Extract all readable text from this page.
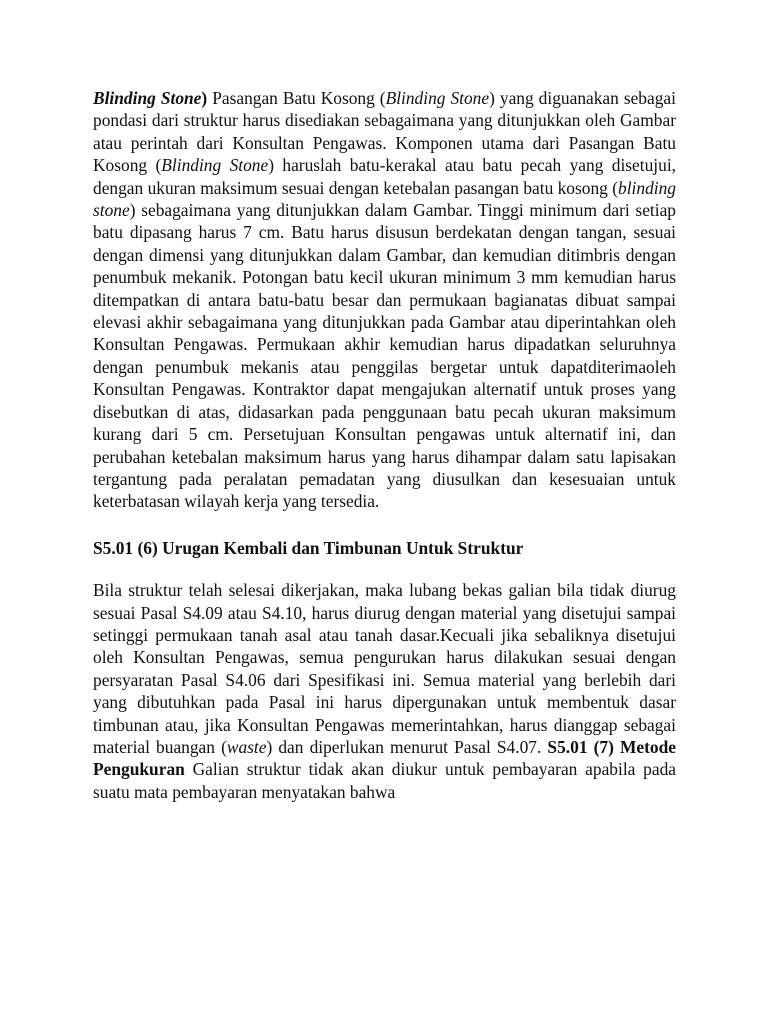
Blinding Stone) Pasangan Batu Kosong (Blinding Stone) yang diguanakan sebagai pondasi dari struktur harus disediakan sebagaimana yang ditunjukkan oleh Gambar atau perintah dari Konsultan Pengawas. Komponen utama dari Pasangan Batu Kosong (Blinding Stone) haruslah batu-kerakal atau batu pecah yang disetujui, dengan ukuran maksimum sesuai dengan ketebalan pasangan batu kosong (blinding stone) sebagaimana yang ditunjukkan dalam Gambar. Tinggi minimum dari setiap batu dipasang harus 7 cm. Batu harus disusun berdekatan dengan tangan, sesuai dengan dimensi yang ditunjukkan dalam Gambar, dan kemudian ditimbris dengan penumbuk mekanik. Potongan batu kecil ukuran minimum 3 mm kemudian harus ditempatkan di antara batu-batu besar dan permukaan bagianatas dibuat sampai elevasi akhir sebagaimana yang ditunjukkan pada Gambar atau diperintahkan oleh Konsultan Pengawas. Permukaan akhir kemudian harus dipadatkan seluruhnya dengan penumbuk mekanis atau penggilas bergetar untuk dapatditerimaoleh Konsultan Pengawas. Kontraktor dapat mengajukan alternatif untuk proses yang disebutkan di atas, didasarkan pada penggunaan batu pecah ukuran maksimum kurang dari 5 cm. Persetujuan Konsultan pengawas untuk alternatif ini, dan perubahan ketebalan maksimum harus yang harus dihampar dalam satu lapisakan tergantung pada peralatan pemadatan yang diusulkan dan kesesuaian untuk keterbatasan wilayah kerja yang tersedia.

S5.01 (6) Urugan Kembali dan Timbunan Untuk Struktur

Bila struktur telah selesai dikerjakan, maka lubang bekas galian bila tidak diurug sesuai Pasal S4.09 atau S4.10, harus diurug dengan material yang disetujui sampai setinggi permukaan tanah asal atau tanah dasar.Kecuali jika sebaliknya disetujui oleh Konsultan Pengawas, semua pengurukan harus dilakukan sesuai dengan persyaratan Pasal S4.06 dari Spesifikasi ini. Semua material yang berlebih dari yang dibutuhkan pada Pasal ini harus dipergunakan untuk membentuk dasar timbunan atau, jika Konsultan Pengawas memerintahkan, harus dianggap sebagai material buangan (waste) dan diperlukan menurut Pasal S4.07. S5.01 (7) Metode Pengukuran Galian struktur tidak akan diukur untuk pembayaran apabila pada suatu mata pembayaran menyatakan bahwa
